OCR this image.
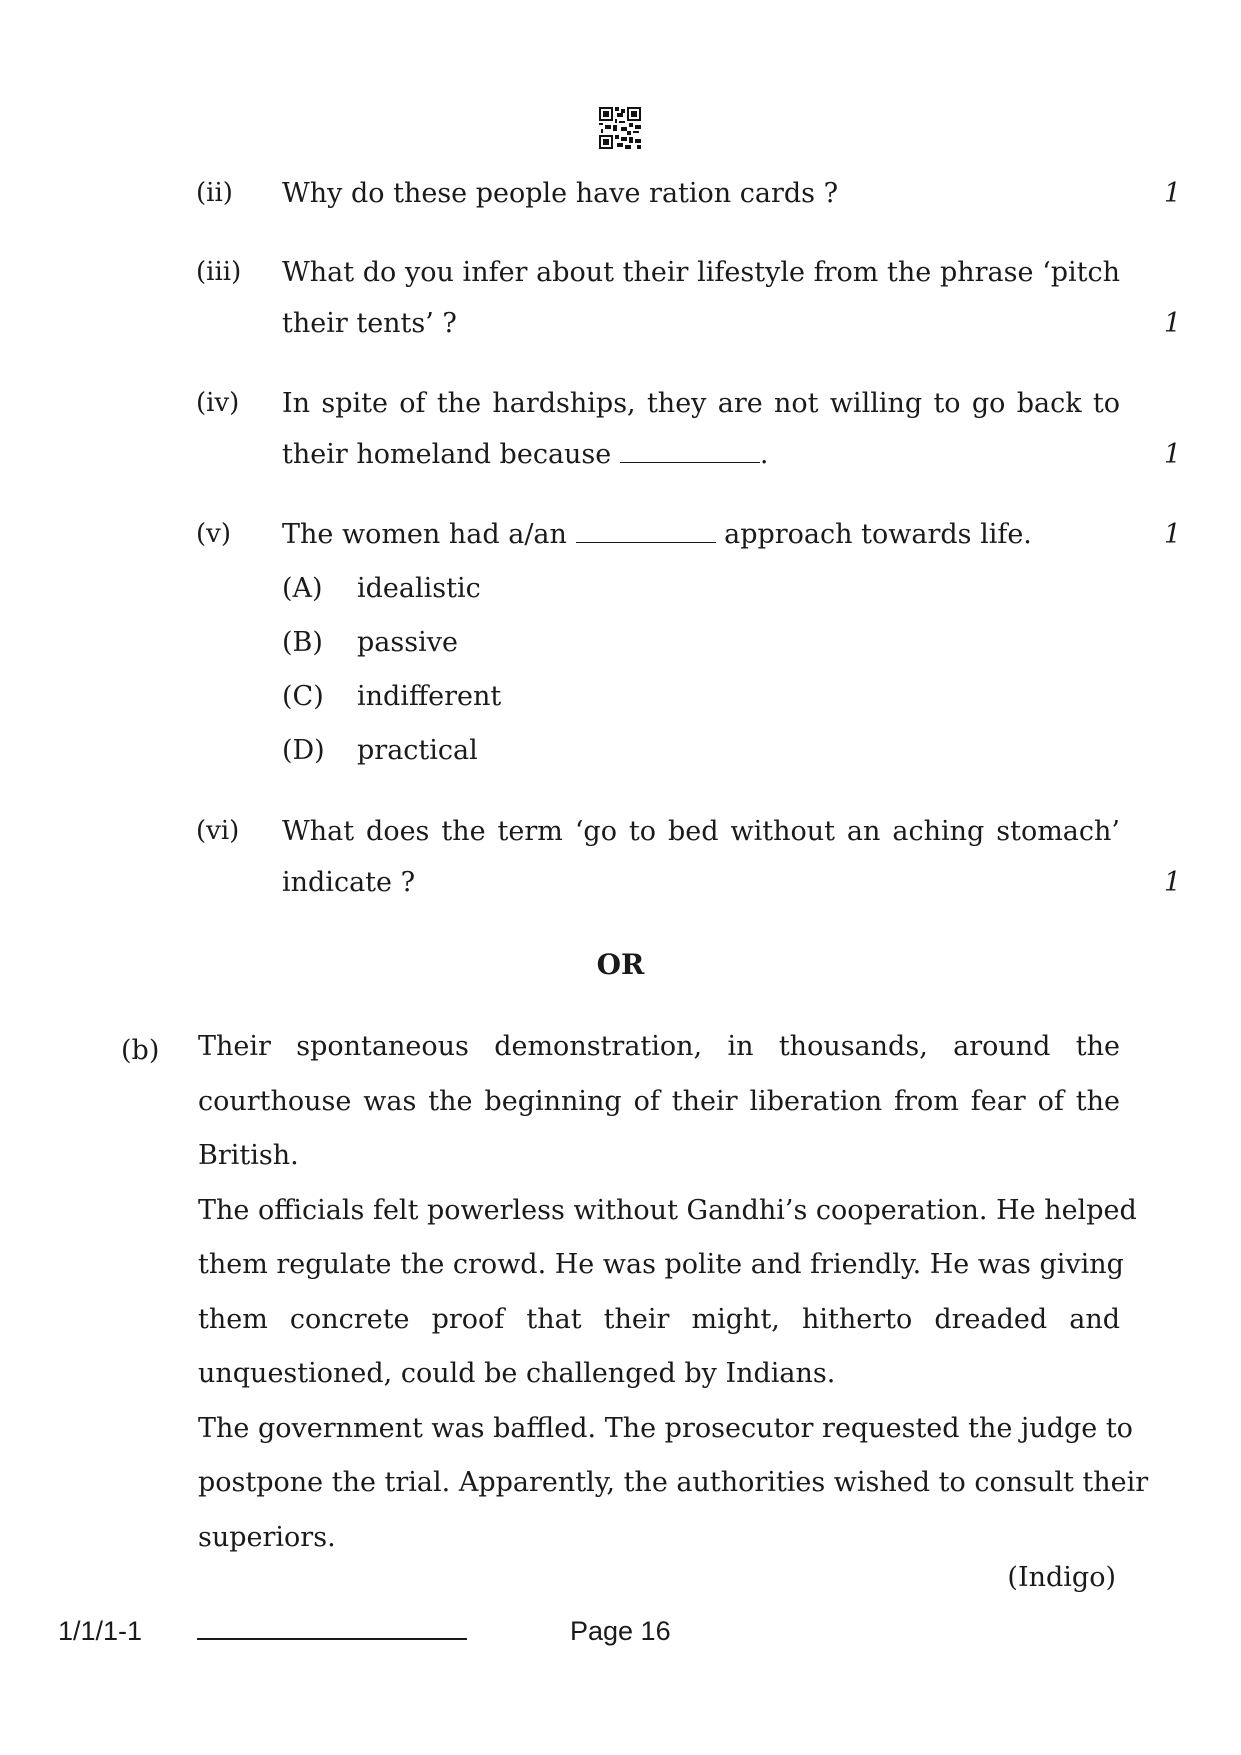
(ii) Why do these people have ration cards ?	1
(iii) What do you infer about their lifestyle from the phrase ‘pitch
their tents’ ?	1
(iv) In spite of the hardships, they are not willing to go back to
their homeland because	.	1
(v) The women had a/an	approach towards life.	1
(A) idealistic
(B) passive
(C) indifferent
(D) practical
(vi) What does the term ‘go to bed without an aching stomach’
indicate ?	1
OR
(b) Their spontaneous demonstration, in thousands, around the
courthouse was the beginning of their liberation from fear of the
British.
The officials felt powerless without Gandhi’s cooperation. He helped
them regulate the crowd. He was polite and friendly. He was giving
them concrete proof that their might, hitherto dreaded and
unquestioned, could be challenged by Indians.
The government was baffled. The prosecutor requested the judge to
postpone the trial. Apparently, the authorities wished to consult their
superiors.
(Indigo)
1/1/1-1	Page 16
